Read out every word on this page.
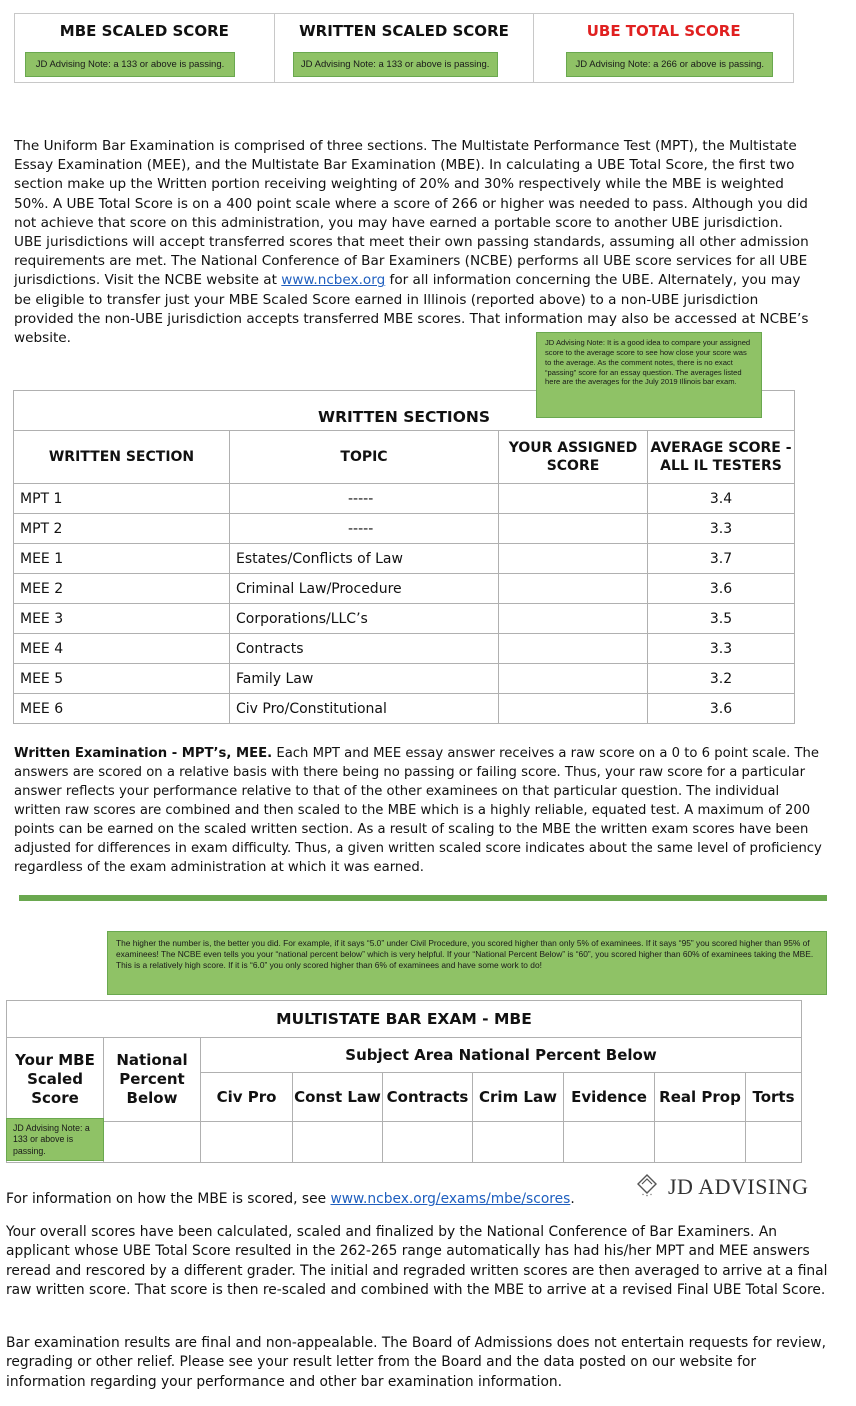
MBE SCALED SCORE
JD Advising Note: a 133 or above is passing.

WRITTEN SCALED SCORE
JD Advising Note: a 133 or above is passing.

UBE TOTAL SCORE
JD Advising Note: a 266 or above is passing.

The Uniform Bar Examination is comprised of three sections. The Multistate Performance Test (MPT), the Multistate Essay Examination (MEE), and the Multistate Bar Examination (MBE). In calculating a UBE Total Score, the first two section make up the Written portion receiving weighting of 20% and 30% respectively while the MBE is weighted 50%. A UBE Total Score is on a 400 point scale where a score of 266 or higher was needed to pass. Although you did not achieve that score on this administration, you may have earned a portable score to another UBE jurisdiction. UBE jurisdictions will accept transferred scores that meet their own passing standards, assuming all other admission requirements are met. The National Conference of Bar Examiners (NCBE) performs all UBE score services for all UBE jurisdictions. Visit the NCBE website at www.ncbex.org for all information concerning the UBE. Alternately, you may be eligible to transfer just your MBE Scaled Score earned in Illinois (reported above) to a non-UBE jurisdiction provided the non-UBE jurisdiction accepts transferred MBE scores. That information may also be accessed at NCBE’s website.

WRITTEN SECTIONS			
WRITTEN SECTION	TOPIC	YOUR ASSIGNED SCORE	AVERAGE SCORE - ALL IL TESTERS
MPT 1	-----		3.4
MPT 2	-----		3.3
MEE 1	Estates/Conflicts of Law		3.7
MEE 2	Criminal Law/Procedure		3.6
MEE 3	Corporations/LLC’s		3.5
MEE 4	Contracts		3.3
MEE 5	Family Law		3.2
MEE 6	Civ Pro/Constitutional		3.6
JD Advising Note: It is a good idea to compare your assigned score to the average score to see how close your score was to the average. As the comment notes, there is no exact “passing” score for an essay question. The averages listed here are the averages for the July 2019 Illinois bar exam.

Written Examination - MPT’s, MEE. Each MPT and MEE essay answer receives a raw score on a 0 to 6 point scale. The answers are scored on a relative basis with there being no passing or failing score. Thus, your raw score for a particular answer reflects your performance relative to that of the other examinees on that particular question. The individual written raw scores are combined and then scaled to the MBE which is a highly reliable, equated test. A maximum of 200 points can be earned on the scaled written section. As a result of scaling to the MBE the written exam scores have been adjusted for differences in exam difficulty. Thus, a given written scaled score indicates about the same level of proficiency regardless of the exam administration at which it was earned.

The higher the number is, the better you did. For example, if it says “5.0” under Civil Procedure, you scored higher than only 5% of examinees. If it says “95” you scored higher than 95% of examinees! The NCBE even tells you your “national percent below” which is very helpful. If your “National Percent Below” is “60”, you scored higher than 60% of examinees taking the MBE. This is a relatively high score. If it is “6.0” you only scored higher than 6% of examinees and have some work to do!
MULTISTATE BAR EXAM - MBE								
Your MBE Scaled Score	National Percent Below	Subject Area National Percent Below						
		Civ Pro	Const Law	Contracts	Crim Law	Evidence	Real Prop	Torts

JD Advising Note: a 133 or above is passing.

For information on how the MBE is scored, see www.ncbex.org/exams/mbe/scores.	JD ADVISING

Your overall scores have been calculated, scaled and finalized by the National Conference of Bar Examiners. An applicant whose UBE Total Score resulted in the 262-265 range automatically has had his/her MPT and MEE answers reread and rescored by a different grader. The initial and regraded written scores are then averaged to arrive at a final raw written score. That score is then re-scaled and combined with the MBE to arrive at a revised Final UBE Total Score.

Bar examination results are final and non-appealable. The Board of Admissions does not entertain requests for review, regrading or other relief. Please see your result letter from the Board and the data posted on our website for information regarding your performance and other bar examination information.
